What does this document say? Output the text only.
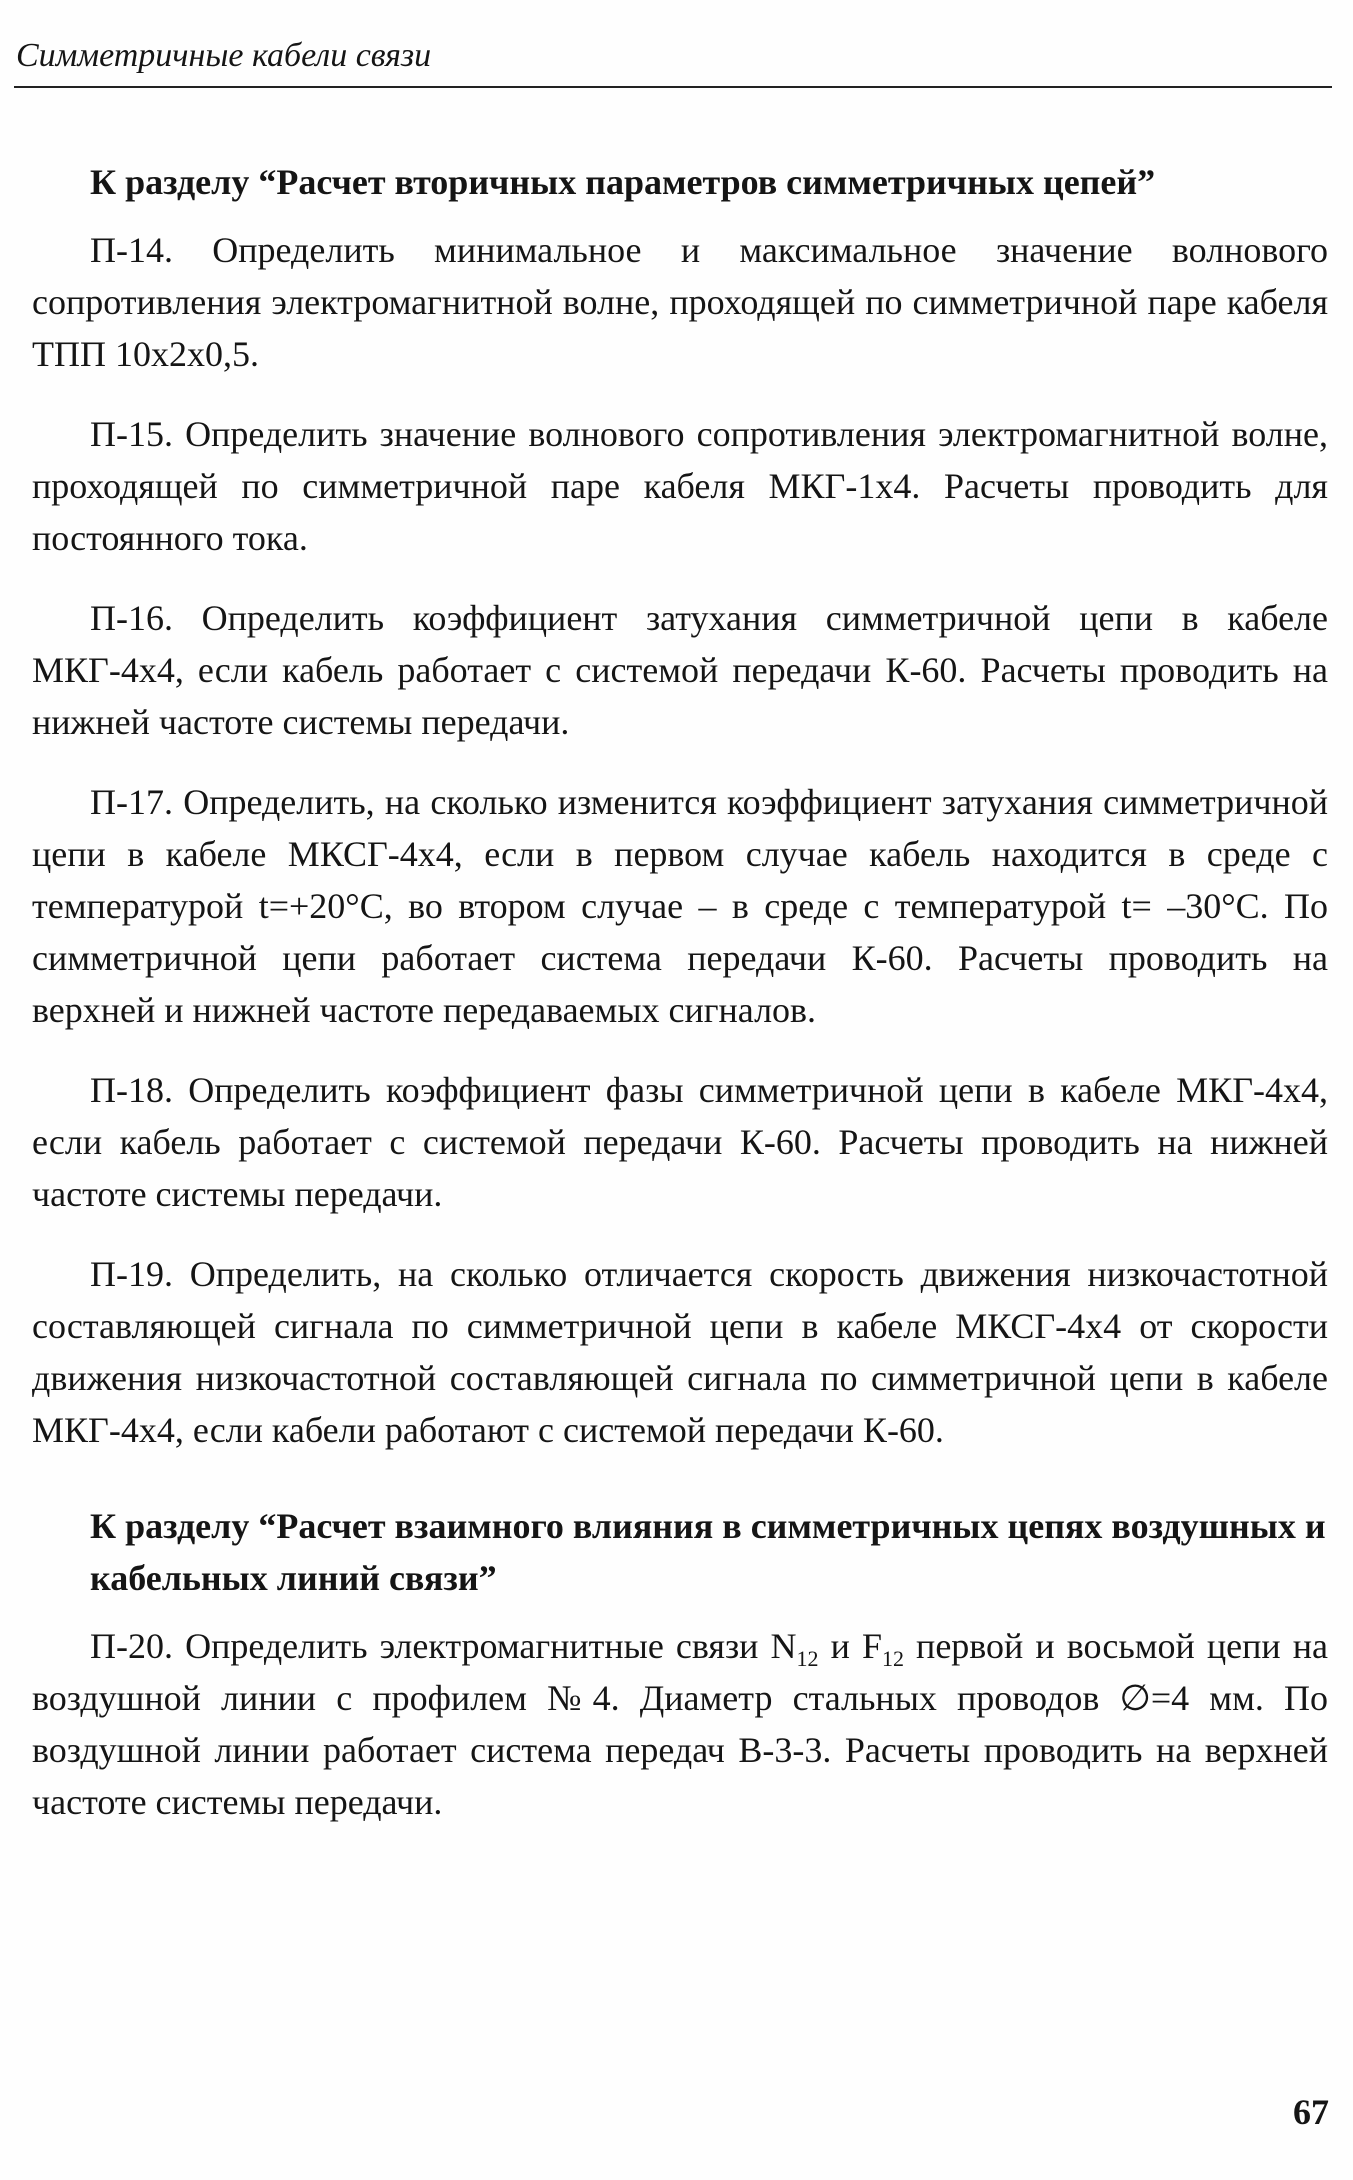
Симметричные кабели связи
К разделу “Расчет вторичных параметров симметричных цепей”

П-14. Определить минимальное и максимальное значение волнового сопротивления электромагнитной волне, проходящей по симметричной паре кабеля ТПП 10х2х0,5.

П-15. Определить значение волнового сопротивления электромагнитной волне, проходящей по симметричной паре кабеля МКГ-1х4. Расчеты проводить для постоянного тока.

П-16. Определить коэффициент затухания симметричной цепи в кабеле МКГ-4х4, если кабель работает с системой передачи К-60. Расчеты проводить на нижней частоте системы передачи.

П-17. Определить, на сколько изменится коэффициент затухания симметричной цепи в кабеле МКСГ-4х4, если в первом случае кабель находится в среде с температурой t=+20°С, во втором случае – в среде с температурой t= –30°С. По симметричной цепи работает система передачи К-60. Расчеты проводить на верхней и нижней частоте передаваемых сигналов.

П-18. Определить коэффициент фазы симметричной цепи в кабеле МКГ-4х4, если кабель работает с системой передачи К-60. Расчеты проводить на нижней частоте системы передачи.

П-19. Определить, на сколько отличается скорость движения низкочастотной составляющей сигнала по симметричной цепи в кабеле МКСГ-4х4 от скорости движения низкочастотной составляющей сигнала по симметричной цепи в кабеле МКГ-4х4, если кабели работают с системой передачи К-60.

К разделу “Расчет взаимного влияния в симметричных цепях воздушных и кабельных линий связи”

П-20. Определить электромагнитные связи $N_{12}$ и $F_{12}$ первой и восьмой цепи на воздушной линии с профилем №4. Диаметр стальных проводов ∅=4 мм. По воздушной линии работает система передач В-3-3. Расчеты проводить на верхней частоте системы передачи.

67
